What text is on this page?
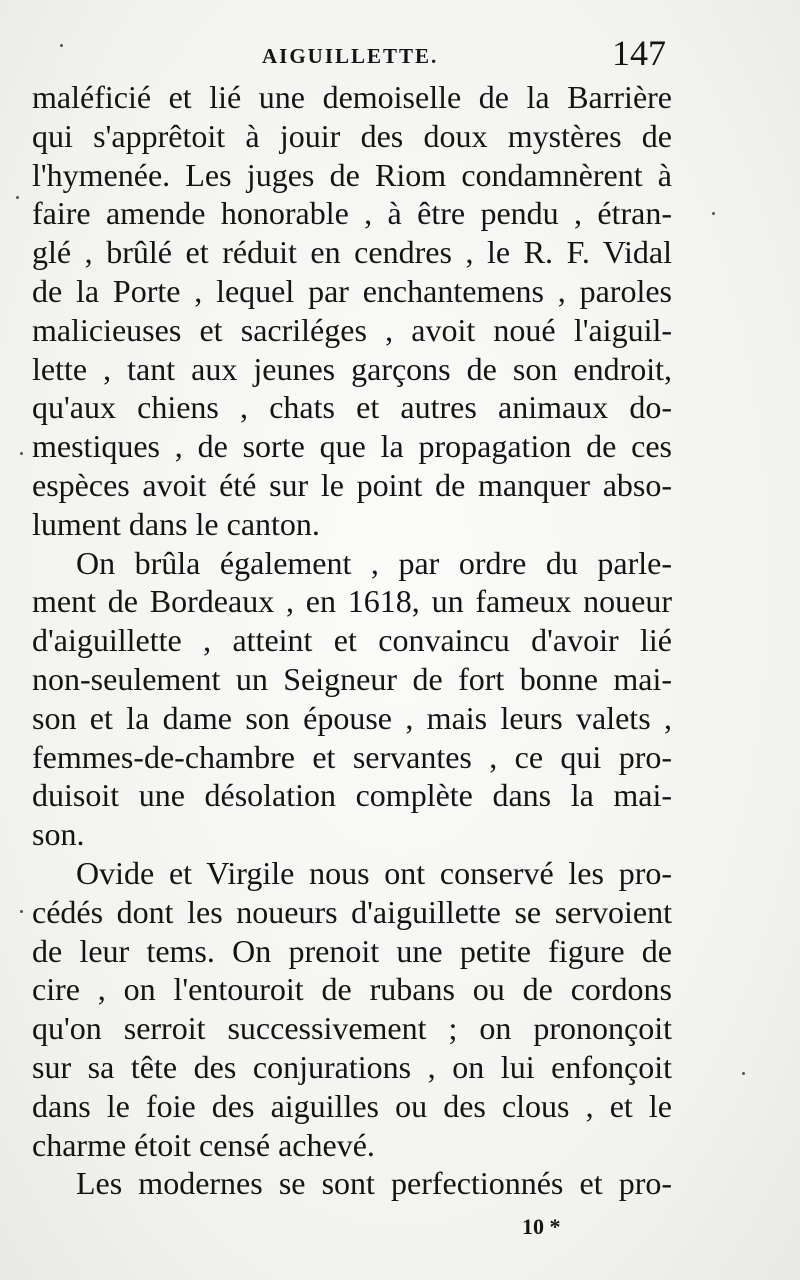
AIGUILLETTE.	147
maléficié et lié une demoiselle de la Barrière
qui s'apprêtoit à jouir des doux mystères de
l'hymenée. Les juges de Riom condamnèrent à
faire amende honorable , à être pendu , étran-
glé , brûlé et réduit en cendres , le R. F. Vidal
de la Porte , lequel par enchantemens , paroles
malicieuses et sacriléges , avoit noué l'aiguil-
lette , tant aux jeunes garçons de son endroit,
qu'aux chiens , chats et autres animaux do-
mestiques , de sorte que la propagation de ces
espèces avoit été sur le point de manquer abso-
lument dans le canton.
On brûla également , par ordre du parle-
ment de Bordeaux , en 1618, un fameux noueur
d'aiguillette , atteint et convaincu d'avoir lié
non-seulement un Seigneur de fort bonne mai-
son et la dame son épouse , mais leurs valets ,
femmes-de-chambre et servantes , ce qui pro-
duisoit une désolation complète dans la mai-
son.
Ovide et Virgile nous ont conservé les pro-
cédés dont les noueurs d'aiguillette se servoient
de leur tems. On prenoit une petite figure de
cire , on l'entouroit de rubans ou de cordons
qu'on serroit successivement ; on prononçoit
sur sa tête des conjurations , on lui enfonçoit
dans le foie des aiguilles ou des clous , et le
charme étoit censé achevé.
Les modernes se sont perfectionnés et pro-
10 *
